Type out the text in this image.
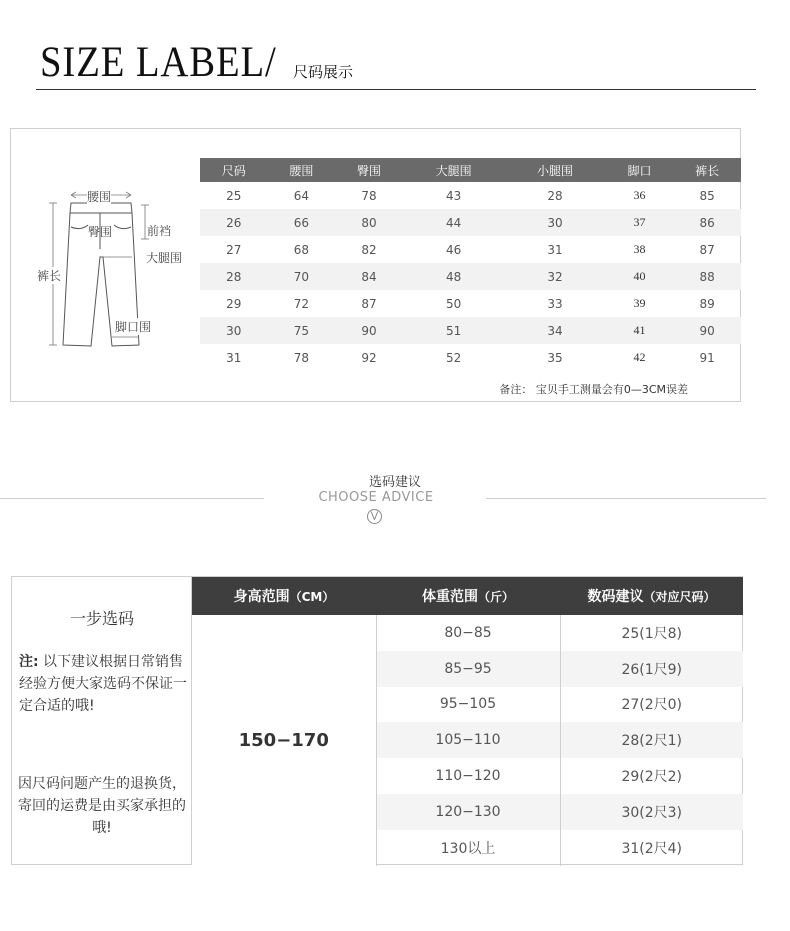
SIZE LABEL/ 尺码展示
腰围
臀围	前裆
大腿围
裤长
脚口围
尺码	腰围	臀围	大腿围	小腿围	脚口	裤长
25	64	78	43	28	36	85
26	66	80	44	30	37	86
27	68	82	46	31	38	87
28	70	84	48	32	40	88
29	72	87	50	33	39	89
30	75	90	51	34	41	90
31	78	92	52	35	42	91
备注： 宝贝手工测量会有0—3CM误差
选码建议
CHOOSE ADVICE
⋁
一步选码
注: 以下建议根据日常销售经验方便大家选码不保证一定合适的哦!
因尺码问题产生的退换货，寄回的运费是由买家承担的哦!
身高范围（CM）	体重范围（斤）	数码建议（对应尺码）
150−170	80−85	25(1尺8)
	85−95	26(1尺9)
	95−105	27(2尺0)
	105−110	28(2尺1)
	110−120	29(2尺2)
	120−130	30(2尺3)
	130以上	31(2尺4)
